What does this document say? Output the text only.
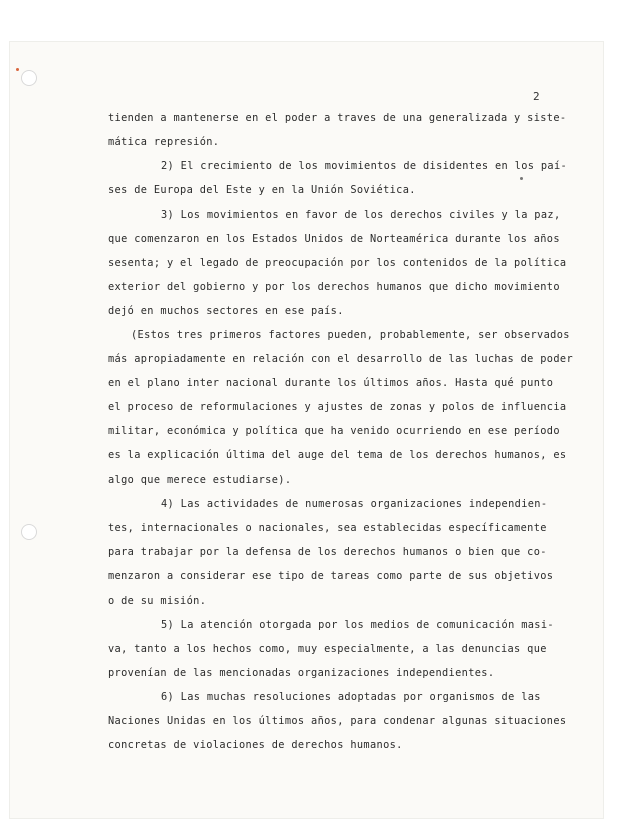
2
tienden a mantenerse en el poder a traves de una generalizada y siste-
mática represión.
2) El crecimiento de los movimientos de disidentes en los paí-
ses de Europa del Este y en la Unión Soviética.
3) Los movimientos en favor de los derechos civiles y la paz,
que comenzaron en los Estados Unidos de Norteamérica durante los años
sesenta; y el legado de preocupación por los contenidos de la política
exterior del gobierno y por los derechos humanos que dicho movimiento
dejó en muchos sectores en ese país.
(Estos tres primeros factores pueden, probablemente, ser observados
más apropiadamente en relación con el desarrollo de las luchas de poder
en el plano inter nacional durante los últimos años. Hasta qué punto
el proceso de reformulaciones y ajustes de zonas y polos de influencia
militar, económica y política que ha venido ocurriendo en ese período
es la explicación última del auge del tema de los derechos humanos, es
algo que merece estudiarse).
4) Las actividades de numerosas organizaciones independien-
tes, internacionales o nacionales, sea establecidas específicamente
para trabajar por la defensa de los derechos humanos o bien que co-
menzaron a considerar ese tipo de tareas como parte de sus objetivos
o de su misión.
5) La atención otorgada por los medios de comunicación masi-
va, tanto a los hechos como, muy especialmente, a las denuncias que
provenían de las mencionadas organizaciones independientes.
6) Las muchas resoluciones adoptadas por organismos de las
Naciones Unidas en los últimos años, para condenar algunas situaciones
concretas de violaciones de derechos humanos.
